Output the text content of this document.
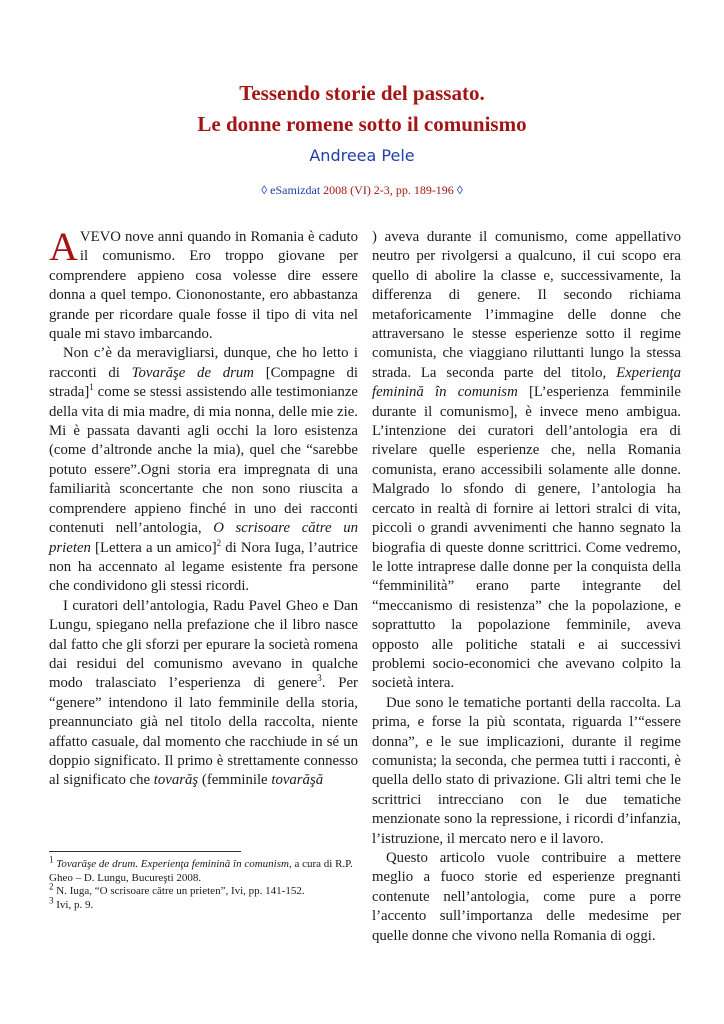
Tessendo storie del passato.
Le donne romene sotto il comunismo
Andreea Pele
◊ eSamizdat 2008 (VI) 2-3, pp. 189-196 ◊

AVEVO nove anni quando in Romania è caduto il comunismo. Ero troppo giovane per comprendere appieno cosa volesse dire essere donna a quel tempo. Ciononostante, ero abbastanza grande per ricordare quale fosse il tipo di vita nel quale mi stavo imbarcando.

Non c’è da meravigliarsi, dunque, che ho letto i racconti di Tovarăşe de drum [Compagne di strada]$^1$ come se stessi assistendo alle testimonianze della vita di mia madre, di mia nonna, delle mie zie. Mi è passata davanti agli occhi la loro esistenza (come d’altronde anche la mia), quel che “sarebbe potuto essere”.Ogni storia era impregnata di una familiarità sconcertante che non sono riuscita a comprendere appieno finché in uno dei racconti contenuti nell’antologia, O scrisoare către un prieten [Lettera a un amico]$^2$ di Nora Iuga, l’autrice non ha accennato al legame esistente fra persone che condividono gli stessi ricordi.

I curatori dell’antologia, Radu Pavel Gheo e Dan Lungu, spiegano nella prefazione che il libro nasce dal fatto che gli sforzi per epurare la società romena dai residui del comunismo avevano in qualche modo tralasciato l’esperienza di genere$^3$. Per “genere” intendono il lato femminile della storia, preannunciato già nel titolo della raccolta, niente affatto casuale, dal momento che racchiude in sé un doppio significato. Il primo è strettamente connesso al significato che tovarăş (femminile tovarăşă

$^1$ Tovarăşe de drum. Experienţa feminină în comunism, a cura di R.P. Gheo – D. Lungu, Bucureşti 2008.
$^2$ N. Iuga, “O scrisoare către un prieten”, Ivi, pp. 141-152.
$^3$ Ivi, p. 9.

) aveva durante il comunismo, come appellativo neutro per rivolgersi a qualcuno, il cui scopo era quello di abolire la classe e, successivamente, la differenza di genere. Il secondo richiama metaforicamente l’immagine delle donne che attraversano le stesse esperienze sotto il regime comunista, che viaggiano riluttanti lungo la stessa strada. La seconda parte del titolo, Experienţa feminină în comunism [L’esperienza femminile durante il comunismo], è invece meno ambigua. L’intenzione dei curatori dell’antologia era di rivelare quelle esperienze che, nella Romania comunista, erano accessibili solamente alle donne. Malgrado lo sfondo di genere, l’antologia ha cercato in realtà di fornire ai lettori stralci di vita, piccoli o grandi avvenimenti che hanno segnato la biografia di queste donne scrittrici. Come vedremo, le lotte intraprese dalle donne per la conquista della “femminilità” erano parte integrante del “meccanismo di resistenza” che la popolazione, e soprattutto la popolazione femminile, aveva opposto alle politiche statali e ai successivi problemi socio-economici che avevano colpito la società intera.

Due sono le tematiche portanti della raccolta. La prima, e forse la più scontata, riguarda l’“essere donna”, e le sue implicazioni, durante il regime comunista; la seconda, che permea tutti i racconti, è quella dello stato di privazione. Gli altri temi che le scrittrici intrecciano con le due tematiche menzionate sono la repressione, i ricordi d’infanzia, l’istruzione, il mercato nero e il lavoro.

Questo articolo vuole contribuire a mettere meglio a fuoco storie ed esperienze pregnanti contenute nell’antologia, come pure a porre l’accento sull’importanza delle medesime per quelle donne che vivono nella Romania di oggi.
